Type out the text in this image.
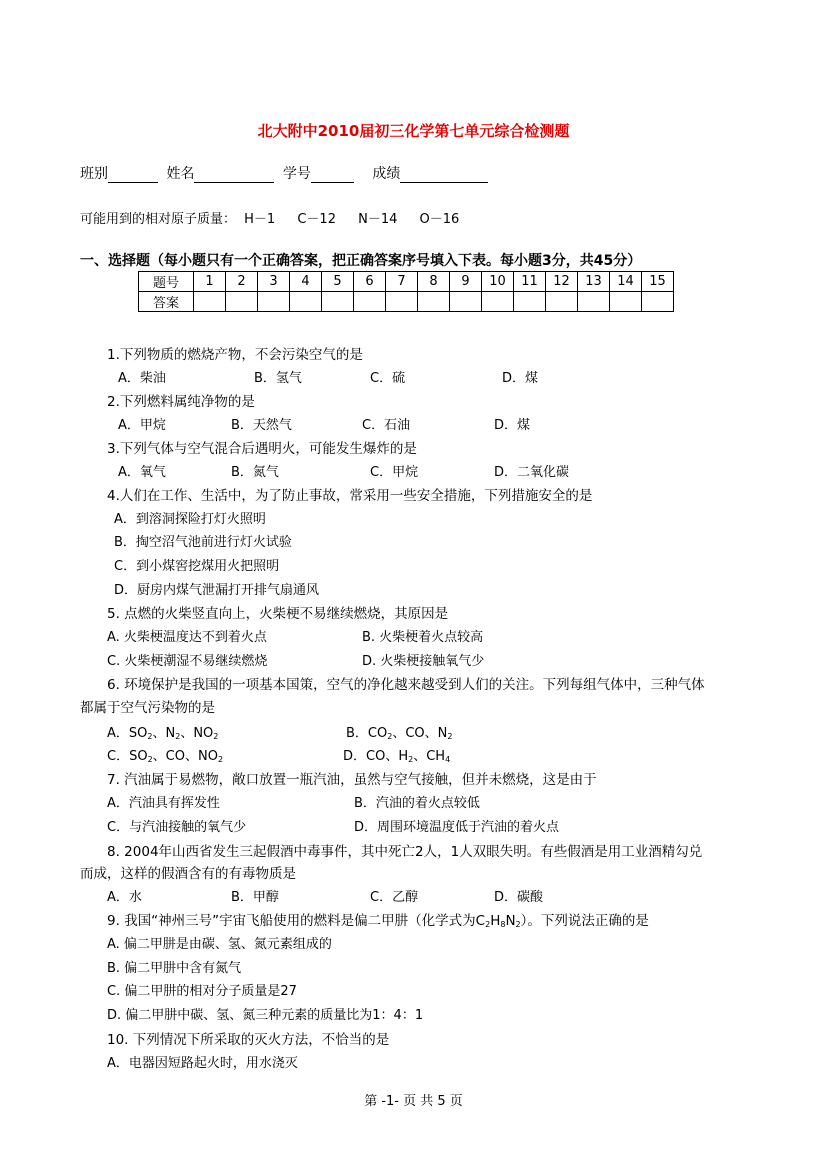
北大附中2010届初三化学第七单元综合检测题
班别	姓名	学号	成绩
可能用到的相对原子质量： H－1 C－12 N－14 O－16
一、选择题（每小题只有一个正确答案，把正确答案序号填入下表。每小题3分，共45分）
题号	1	2	3	4	5	6	7	8	9	10	11	12	13	14	15
答案															
1.下列物质的燃烧产物，不会污染空气的是
A．柴油	B．氢气	C．硫	D．煤
2.下列燃料属纯净物的是
A．甲烷	B．天然气	C．石油	D．煤
3.下列气体与空气混合后遇明火，可能发生爆炸的是
A．氧气	B．氮气	C．甲烷	D．二氧化碳
4.人们在工作、生活中，为了防止事故，常采用一些安全措施，下列措施安全的是
A．到溶洞探险打灯火照明
B．掏空沼气池前进行灯火试验
C．到小煤窖挖煤用火把照明
D．厨房内煤气泄漏打开排气扇通风
5. 点燃的火柴竖直向上，火柴梗不易继续燃烧，其原因是
A. 火柴梗温度达不到着火点	B. 火柴梗着火点较高
C. 火柴梗潮湿不易继续燃烧	D. 火柴梗接触氧气少
6. 环境保护是我国的一项基本国策，空气的净化越来越受到人们的关注。下列每组气体中，三种气体
都属于空气污染物的是
A．$SO_2$、$N_2$、$NO_2$	B．$CO_2$、CO、$N_2$
C．$SO_2$、CO、$NO_2$	D．CO、$H_2$、$CH_4$
7. 汽油属于易燃物，敞口放置一瓶汽油，虽然与空气接触，但并未燃烧，这是由于
A．汽油具有挥发性	B．汽油的着火点较低
C．与汽油接触的氧气少	D．周围环境温度低于汽油的着火点
8. 2004年山西省发生三起假酒中毒事件，其中死亡2人，1人双眼失明。有些假酒是用工业酒精勾兑
而成，这样的假酒含有的有毒物质是
A．水	B．甲醇	C．乙醇	D．碳酸
9. 我国“神州三号”宇宙飞船使用的燃料是偏二甲肼（化学式为$C_2H_8N_2$）。下列说法正确的是
A. 偏二甲肼是由碳、氢、氮元素组成的
B. 偏二甲肼中含有氮气
C. 偏二甲肼的相对分子质量是27
D. 偏二甲肼中碳、氢、氮三种元素的质量比为1：4：1
10. 下列情况下所采取的灭火方法，不恰当的是
A．电器因短路起火时，用水浇灭
第 -1- 页 共 5 页
